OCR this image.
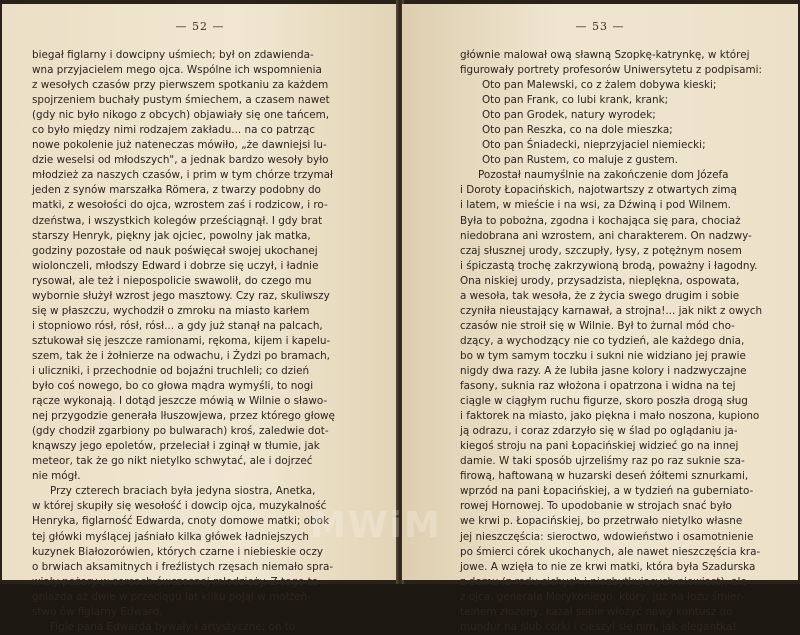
— 52 —
biegał figlarny i dowcipny uśmiech; był on zdawienda-
wna przyjacielem mego ojca. Wspólne ich wspomnienia
z wesołych czasów przy pierwszem spotkaniu za każdem
spojrzeniem buchały pustym śmiechem, a czasem nawet
(gdy nic było nikogo z obcych) objawiały się one tańcem,
co było między nimi rodzajem zakładu... na co patrząc
nowe pokolenie już nateneczas mówiło, „że dawniejsi lu-
dzie weselsi od młodszych", a jednak bardzo wesoły było
młodzież za naszych czasów, i prim w tym chórze trzymał
jeden z synów marszałka Römera, z twarzy podobny do
matki, z wesołości do ojca, wzrostem zaś i rodzicow, i ro-
dzeństwa, i wszystkich kolegów prześciągnął. I gdy brat
starszy Henryk, piękny jak ojciec, powolny jak matka,
godziny pozostałe od nauk poświęcał swojej ukochanej
wiolonczeli, młodszy Edward i dobrze się uczył, i ładnie
rysował, ale też i niepospolicie swawolił, do czego mu
wybornie służył wzrost jego masztowy. Czy raz, skuliwszy
się w płaszczu, wychodził o zmroku na miasto karłem
i stopniowo rósł, rósł, rósł... a gdy już stanął na palcach,
sztukował się jeszcze ramionami, rękoma, kijem i kapelu-
szem, tak że i żołnierze na odwachu, i Żydzi po bramach,
i uliczniki, i przechodnie od bojaźni truchleli; co dzień
było coś nowego, bo co głowa mądra wymyśli, to nogi
rącze wykonają. I dotąd jeszcze mówią w Wilnie o sławo-
nej przygodzie generała Iłuszowjewa, przez którego głowę
(gdy chodził zgarbiony po bulwarach) kroś, zaledwie dot-
knąwszy jego epoletów, przeleciał i zginął w tłumie, jak
meteor, tak że go nikt nietylko schwytać, ale i dojrzeć
nie mógł.
Przy czterech braciach była jedyna siostra, Anetka,
w której skupiły się wesołość i dowcip ojca, muzykalność
Henryka, figlarność Edwarda, cnoty domowe matki; obok
tej główki myślącej jaśniało kilka główek ładniejszych
kuzynek Białozorówien, których czarne i niebieskie oczy
o brwiach aksamitnych i freźlistych rzęsach niemało spra-
wiały pożary w sercach ówczesnej młodzieży. Z tego to
gniazda aż dwie w przeciągu lat kilku pojął w małżeń-
stwo ów figlarny Edward.
Figle pana Edwarda bywały i artystyczne: on to
— 53 —
głównie malował ową sławną Szopkę-katrynkę, w której
figurowały portrety profesorów Uniwersytetu z podpisami:
Oto pan Malewski, co z żalem dobywa kieski;
Oto pan Frank, co lubi krank, krank;
Oto pan Grodek, natury wyrodek;
Oto pan Reszka, co na dole mieszka;
Oto pan Śniadecki, nieprzyjaciel niemiecki;
Oto pan Rustem, co maluje z gustem.
Pozostał naumyślnie na zakończenie dom Józefa
i Doroty Łopacińskich, najotwartszy z otwartych zimą
i latem, w mieście i na wsi, za Dźwiną i pod Wilnem.
Była to pobożna, zgodna i kochająca się para, chociaż
niedobrana ani wzrostem, ani charakterem. On nadzwy-
czaj słusznej urody, szczupły, łysy, z potężnym nosem
i śpiczastą trochę zakrzywioną brodą, poważny i łagodny.
Ona niskiej urody, przysadzista, nieplękna, ospowata,
a wesoła, tak wesoła, że z życia swego drugim i sobie
czyniła nieustający karnawał, a strojna!... jak nikt z owych
czasów nie stroił się w Wilnie. Był to żurnal mód cho-
dzący, a wychodzący nie co tydzień, ale każdego dnia,
bo w tym samym toczku i sukni nie widziano jej prawie
nigdy dwa razy. A że lubiła jasne kolory i nadzwyczajne
fasony, suknia raz włożona i opatrzona i widna na tej
ciągle w ciągłym ruchu figurze, skoro poszła drogą sług
i faktorek na miasto, jako piękna i mało noszona, kupiono
ją odrazu, i coraz zdarzyło się w ślad po oglądaniu ja-
kiegoś stroju na pani Łopacińskiej widzieć go na innej
damie. W taki sposób ujrzeliśmy raz po raz suknie sza-
firową, haftowaną w huzarski deseń żółtemi sznurkami,
wprzód na pani Łopacińskiej, a w tydzień na guberniato-
rowej Hornowej. To upodobanie w strojach snać było
we krwi p. Łopacińskiej, bo przetrwało nietylko własne
jej nieszczęścia: sieroctwo, wdowieństwo i osamotnienie
po śmierci córek ukochanych, ale nawet nieszczęścia kra-
jowe. A wzięła to nie ze krwi matki, która była Szadurska
z domu (z rodu cichych i niezbytkujących niewiast), ale
z ojca, generała Morykoniego, który, już na łożu śmier-
telnem złożony, kazał sobie włożyć nowy kontusz do
mundur na ślub córki i cieszył się nim, jak elegantka!
MWiM
